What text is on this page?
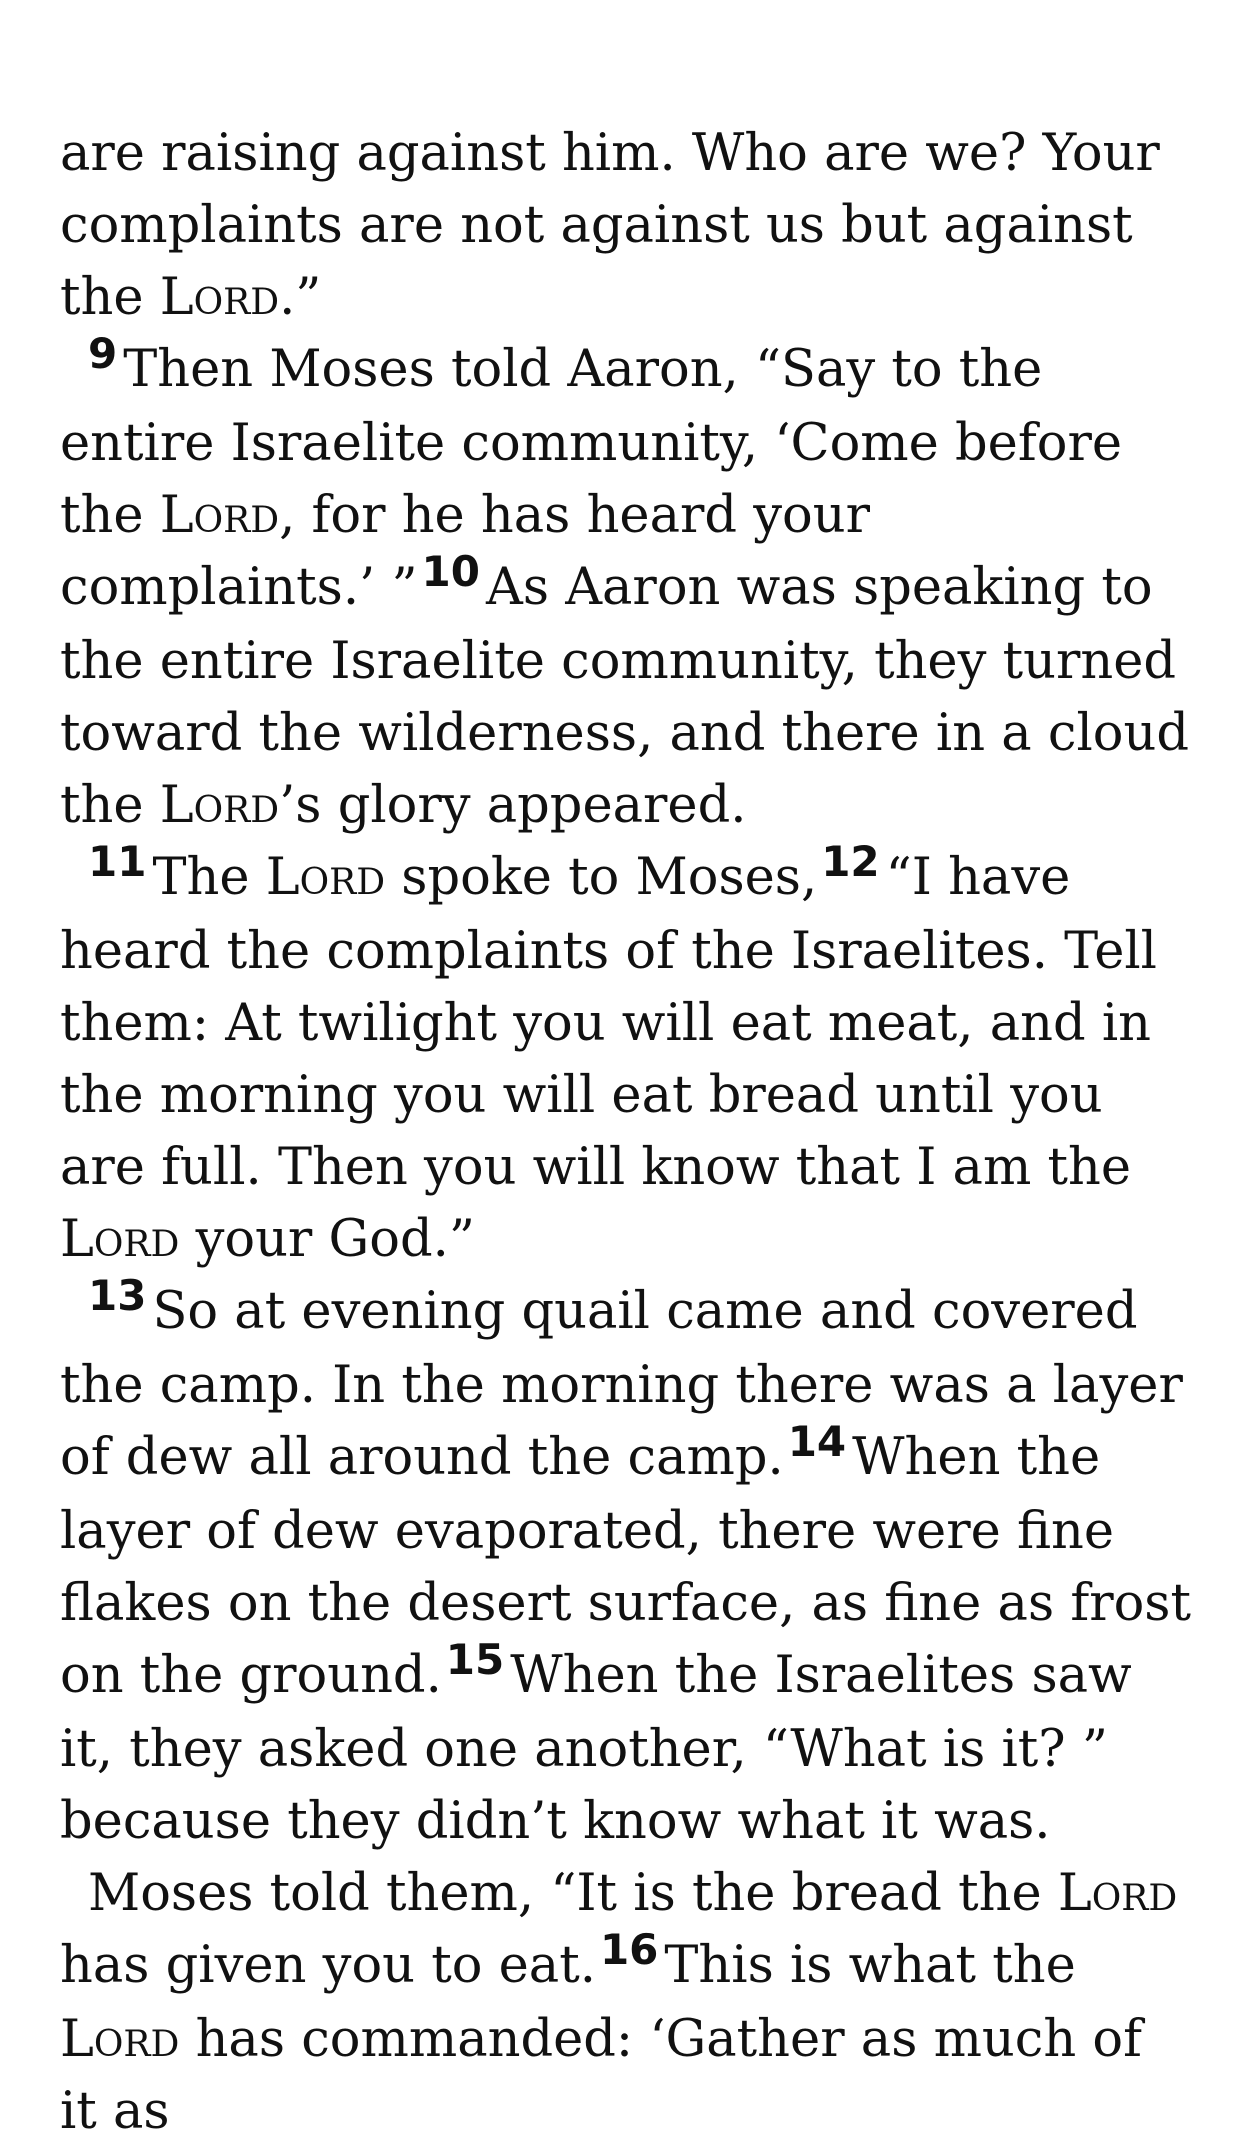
are raising against him. Who are we? Your complaints are not against us but against the Lord.”

$^9$ Then Moses told Aaron, “Say to the entire Israelite community, ‘Come before the Lord, for he has heard your complaints.’ ”$^{10}$ As Aaron was speaking to the entire Israelite community, they turned toward the wilderness, and there in a cloud the Lord’s glory appeared.

$^{11}$ The Lord spoke to Moses,$^{12}$ “I have heard the complaints of the Israelites. Tell them: At twilight you will eat meat, and in the morning you will eat bread until you are full. Then you will know that I am the Lord your God.”

$^{13}$ So at evening quail came and covered the camp. In the morning there was a layer of dew all around the camp.$^{14}$ When the layer of dew evaporated, there were fine flakes on the desert surface, as fine as frost on the ground.$^{15}$ When the Israelites saw it, they asked one another, “What is it? ” because they didn’t know what it was.

Moses told them, “It is the bread the Lord has given you to eat.$^{16}$ This is what the Lord has commanded: ‘Gather as much of it as
